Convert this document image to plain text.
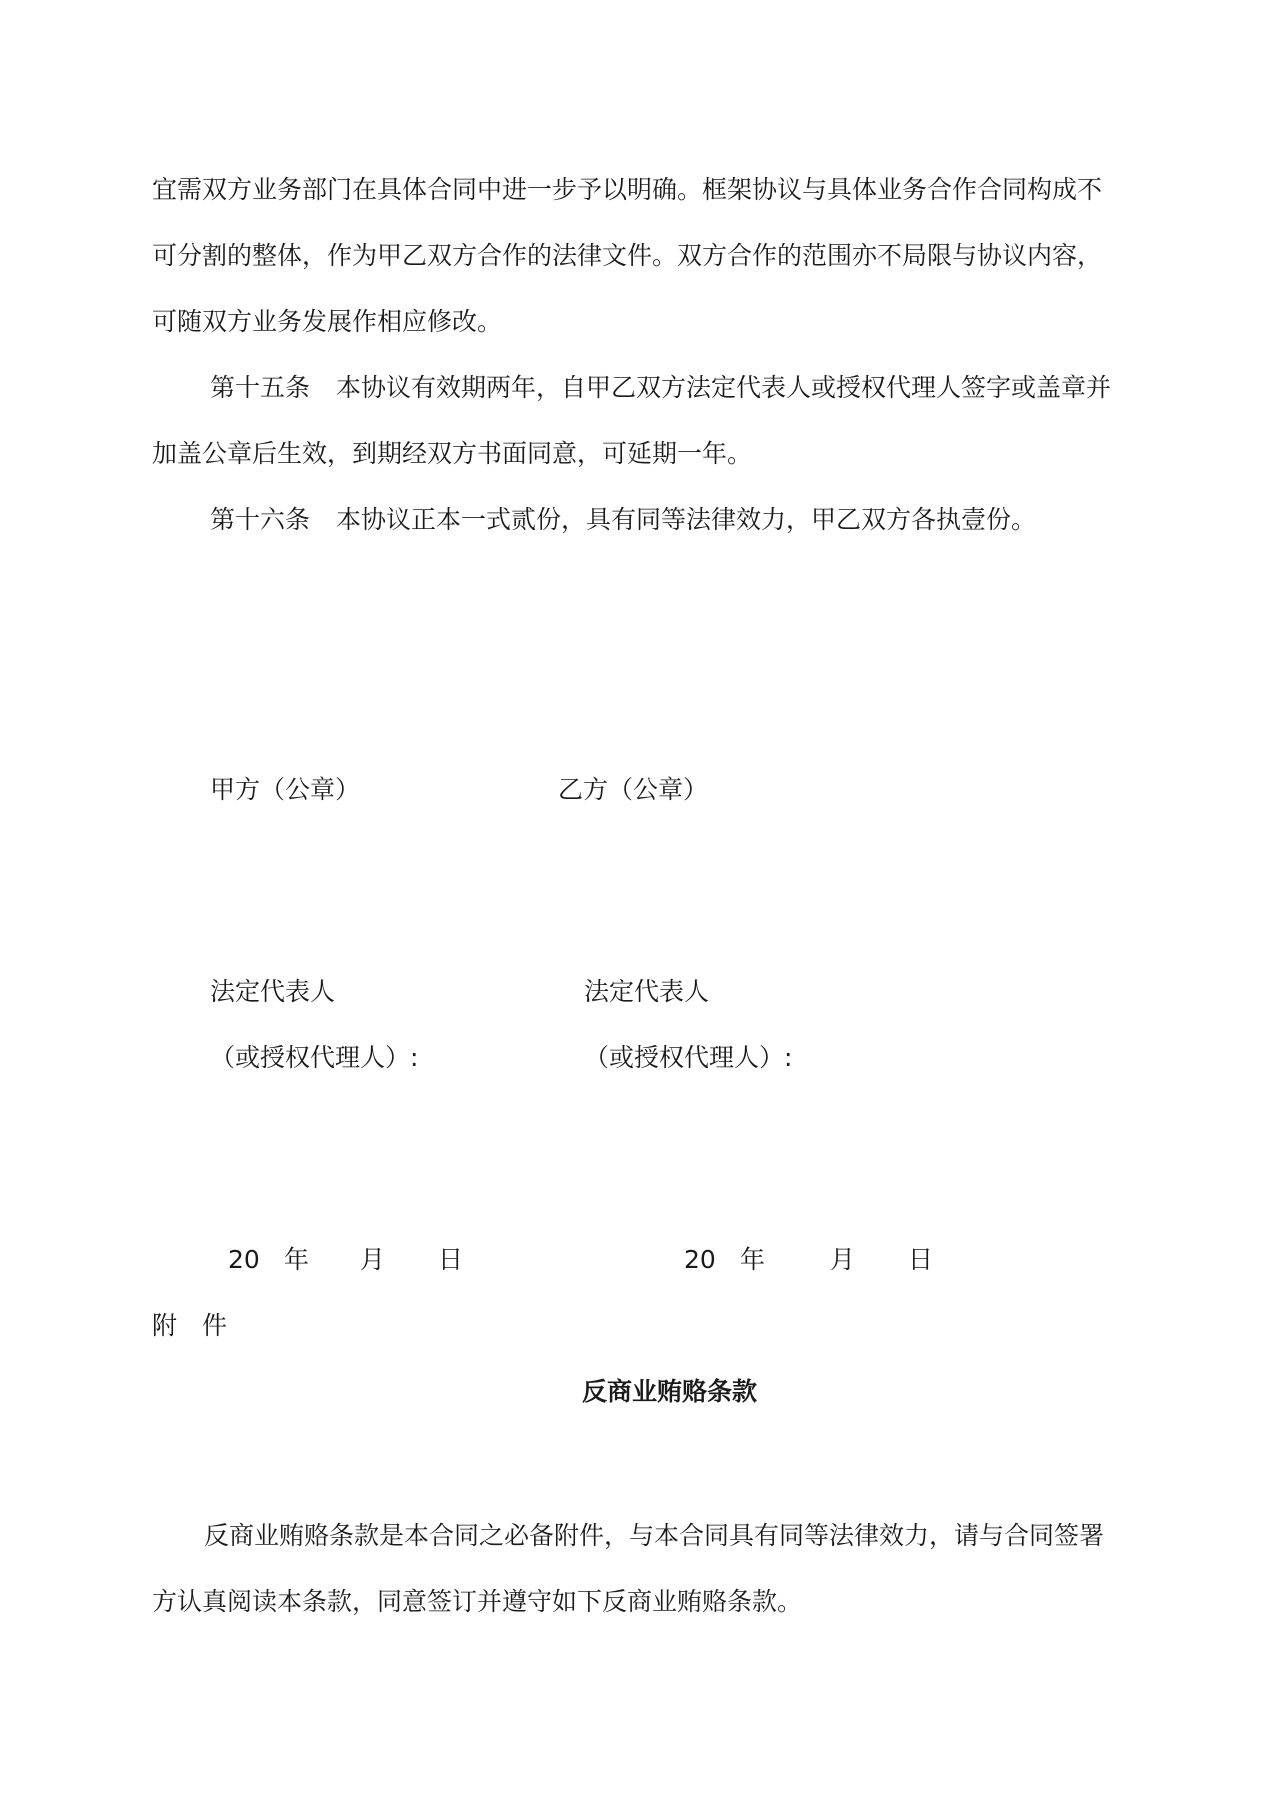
宜需双方业务部门在具体合同中进一步予以明确。框架协议与具体业务合作合同构成不
可分割的整体，作为甲乙双方合作的法律文件。双方合作的范围亦不局限与协议内容，
可随双方业务发展作相应修改。
第十五条 本协议有效期两年，自甲乙双方法定代表人或授权代理人签字或盖章并
加盖公章后生效，到期经双方书面同意，可延期一年。
第十六条 本协议正本一式贰份，具有同等法律效力，甲乙双方各执壹份。
甲方（公章）	乙方（公章）
法定代表人	法定代表人
（或授权代理人）:	（或授权代理人）:
20 年 月 日	20 年	月 日
附　件
反商业贿赂条款
反商业贿赂条款是本合同之必备附件，与本合同具有同等法律效力，请与合同签署
方认真阅读本条款，同意签订并遵守如下反商业贿赂条款。
